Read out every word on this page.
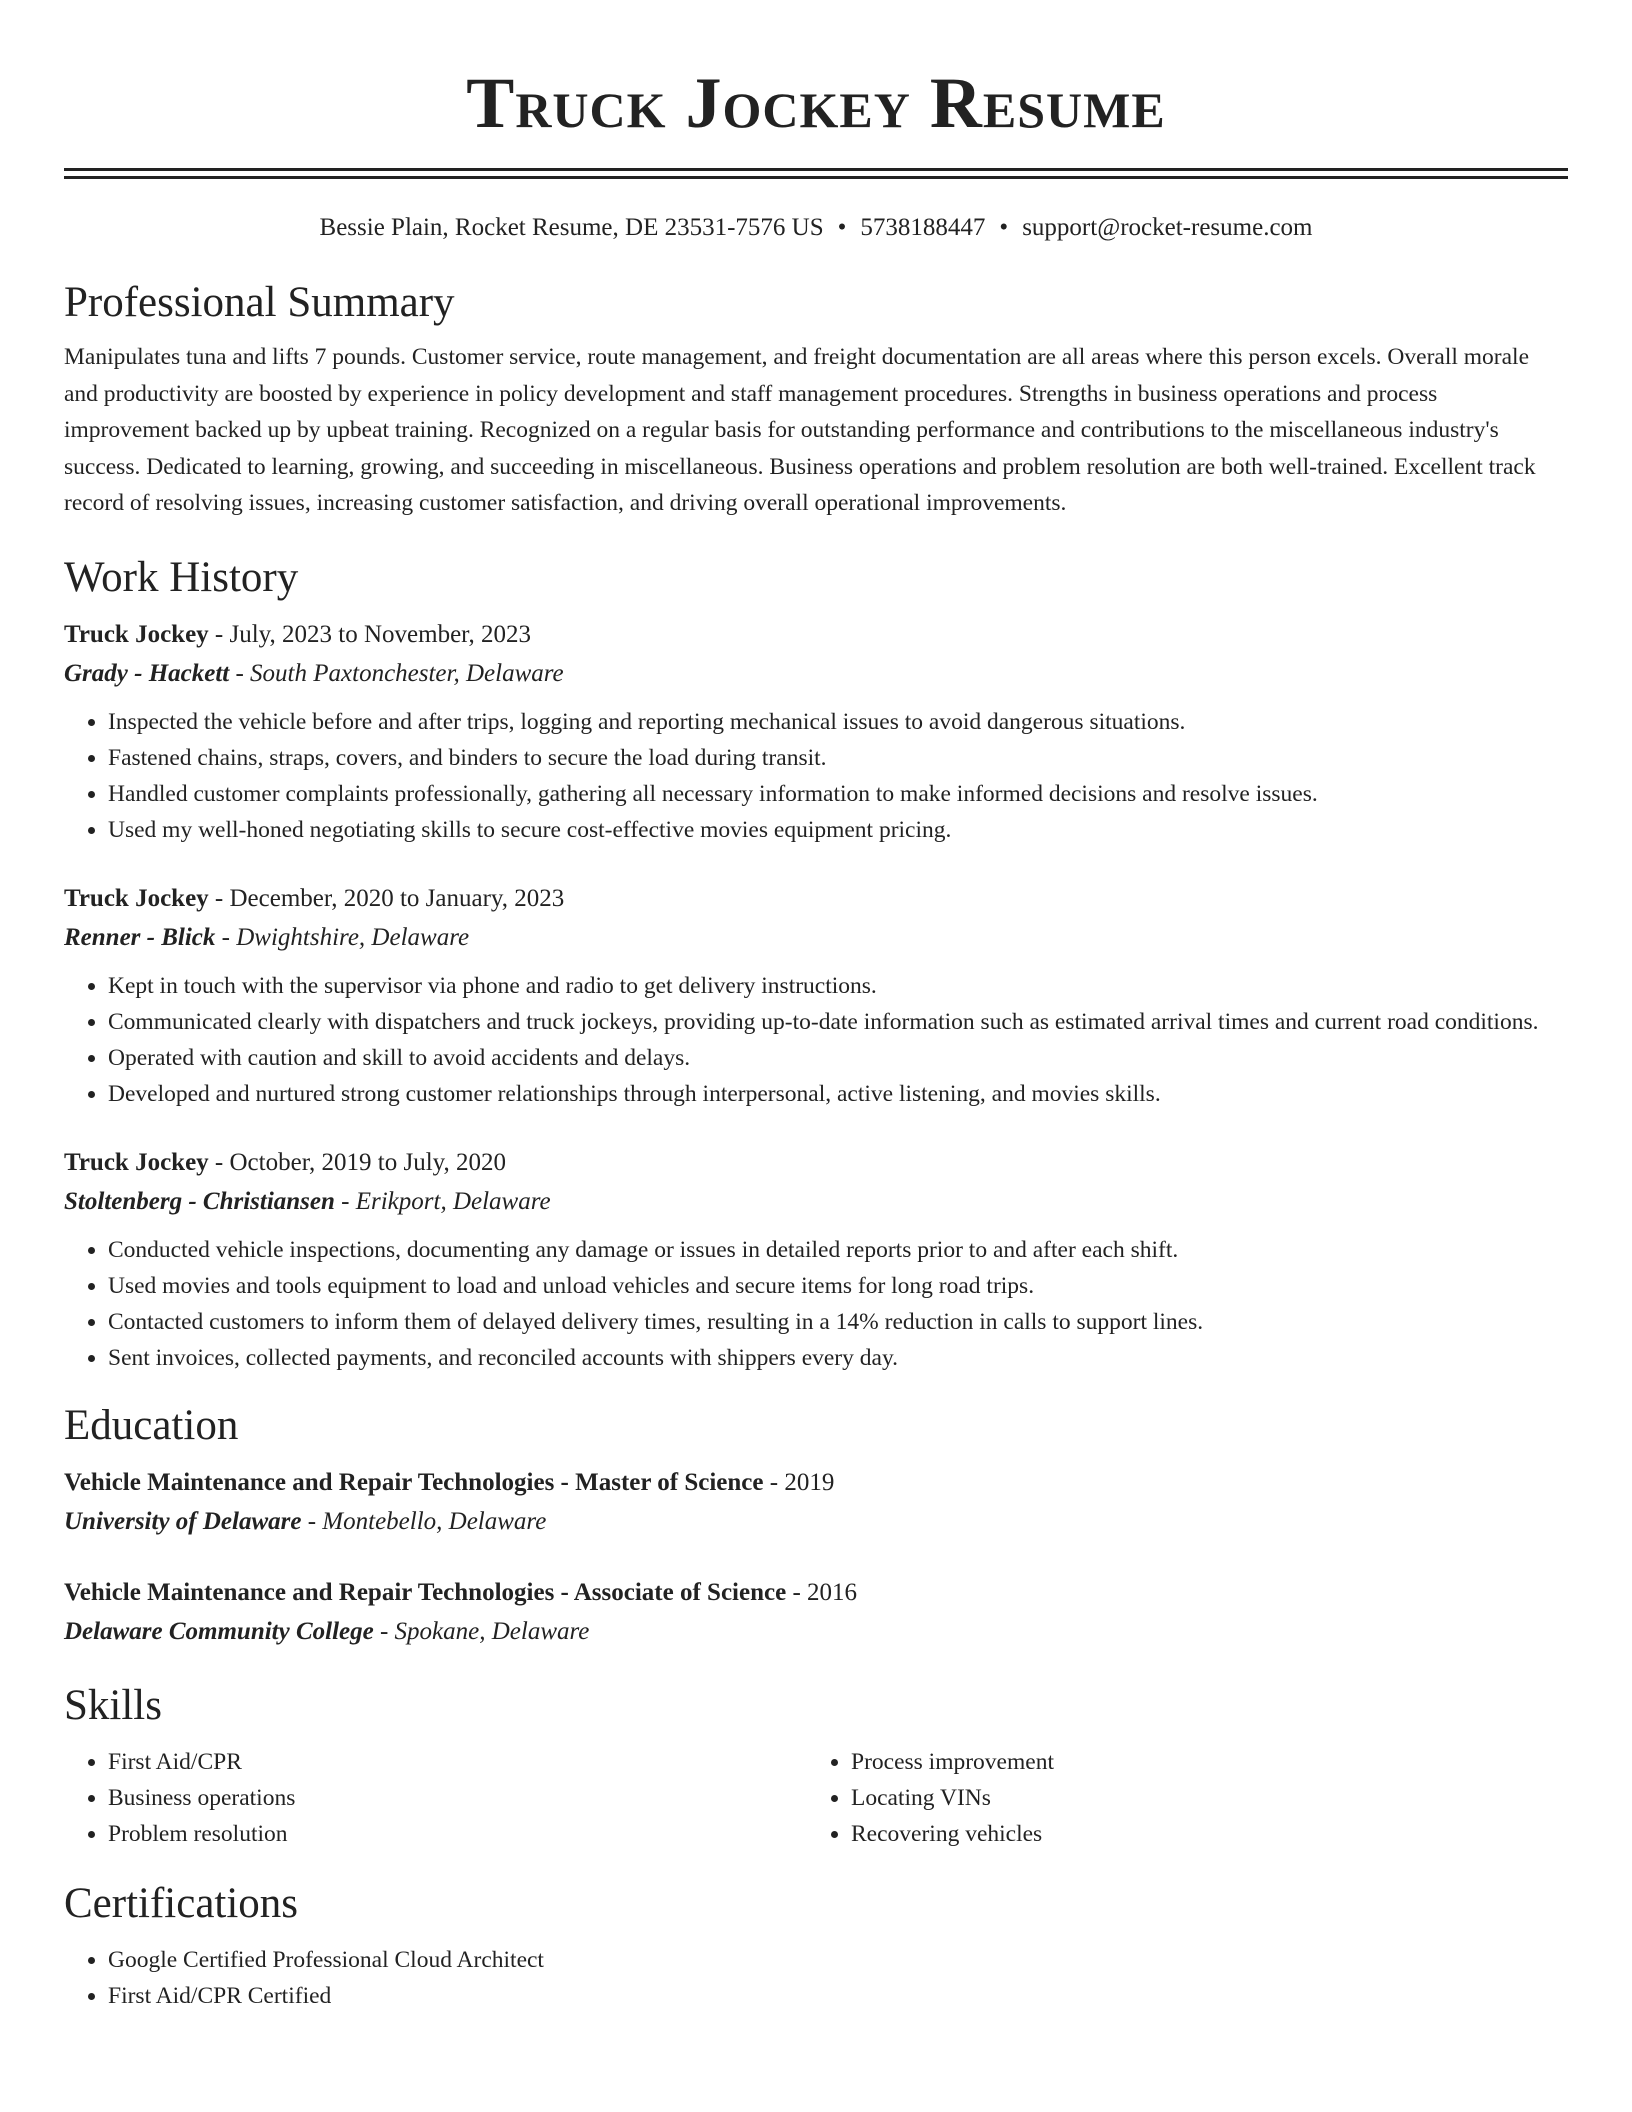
Truck Jockey Resume
Bessie Plain, Rocket Resume, DE 23531-7576 US • 5738188447 • support@rocket-resume.com
Professional Summary

Manipulates tuna and lifts 7 pounds. Customer service, route management, and freight documentation are all areas where this person excels. Overall morale and productivity are boosted by experience in policy development and staff management procedures. Strengths in business operations and process improvement backed up by upbeat training. Recognized on a regular basis for outstanding performance and contributions to the miscellaneous industry's success. Dedicated to learning, growing, and succeeding in miscellaneous. Business operations and problem resolution are both well-trained. Excellent track record of resolving issues, increasing customer satisfaction, and driving overall operational improvements.

Work History
Truck Jockey - July, 2023 to November, 2023
Grady - Hackett - South Paxtonchester, Delaware
• Inspected the vehicle before and after trips, logging and reporting mechanical issues to avoid dangerous situations.
• Fastened chains, straps, covers, and binders to secure the load during transit.
• Handled customer complaints professionally, gathering all necessary information to make informed decisions and resolve issues.
• Used my well-honed negotiating skills to secure cost-effective movies equipment pricing.
Truck Jockey - December, 2020 to January, 2023
Renner - Blick - Dwightshire, Delaware
• Kept in touch with the supervisor via phone and radio to get delivery instructions.
• Communicated clearly with dispatchers and truck jockeys, providing up-to-date information such as estimated arrival times and current road conditions.
• Operated with caution and skill to avoid accidents and delays.
• Developed and nurtured strong customer relationships through interpersonal, active listening, and movies skills.
Truck Jockey - October, 2019 to July, 2020
Stoltenberg - Christiansen - Erikport, Delaware
• Conducted vehicle inspections, documenting any damage or issues in detailed reports prior to and after each shift.
• Used movies and tools equipment to load and unload vehicles and secure items for long road trips.
• Contacted customers to inform them of delayed delivery times, resulting in a 14% reduction in calls to support lines.
• Sent invoices, collected payments, and reconciled accounts with shippers every day.
Education
Vehicle Maintenance and Repair Technologies - Master of Science - 2019
University of Delaware - Montebello, Delaware
Vehicle Maintenance and Repair Technologies - Associate of Science - 2016
Delaware Community College - Spokane, Delaware
Skills
• First Aid/CPR
• Business operations
• Problem resolution
• Process improvement
• Locating VINs
• Recovering vehicles
Certifications
• Google Certified Professional Cloud Architect
• First Aid/CPR Certified
